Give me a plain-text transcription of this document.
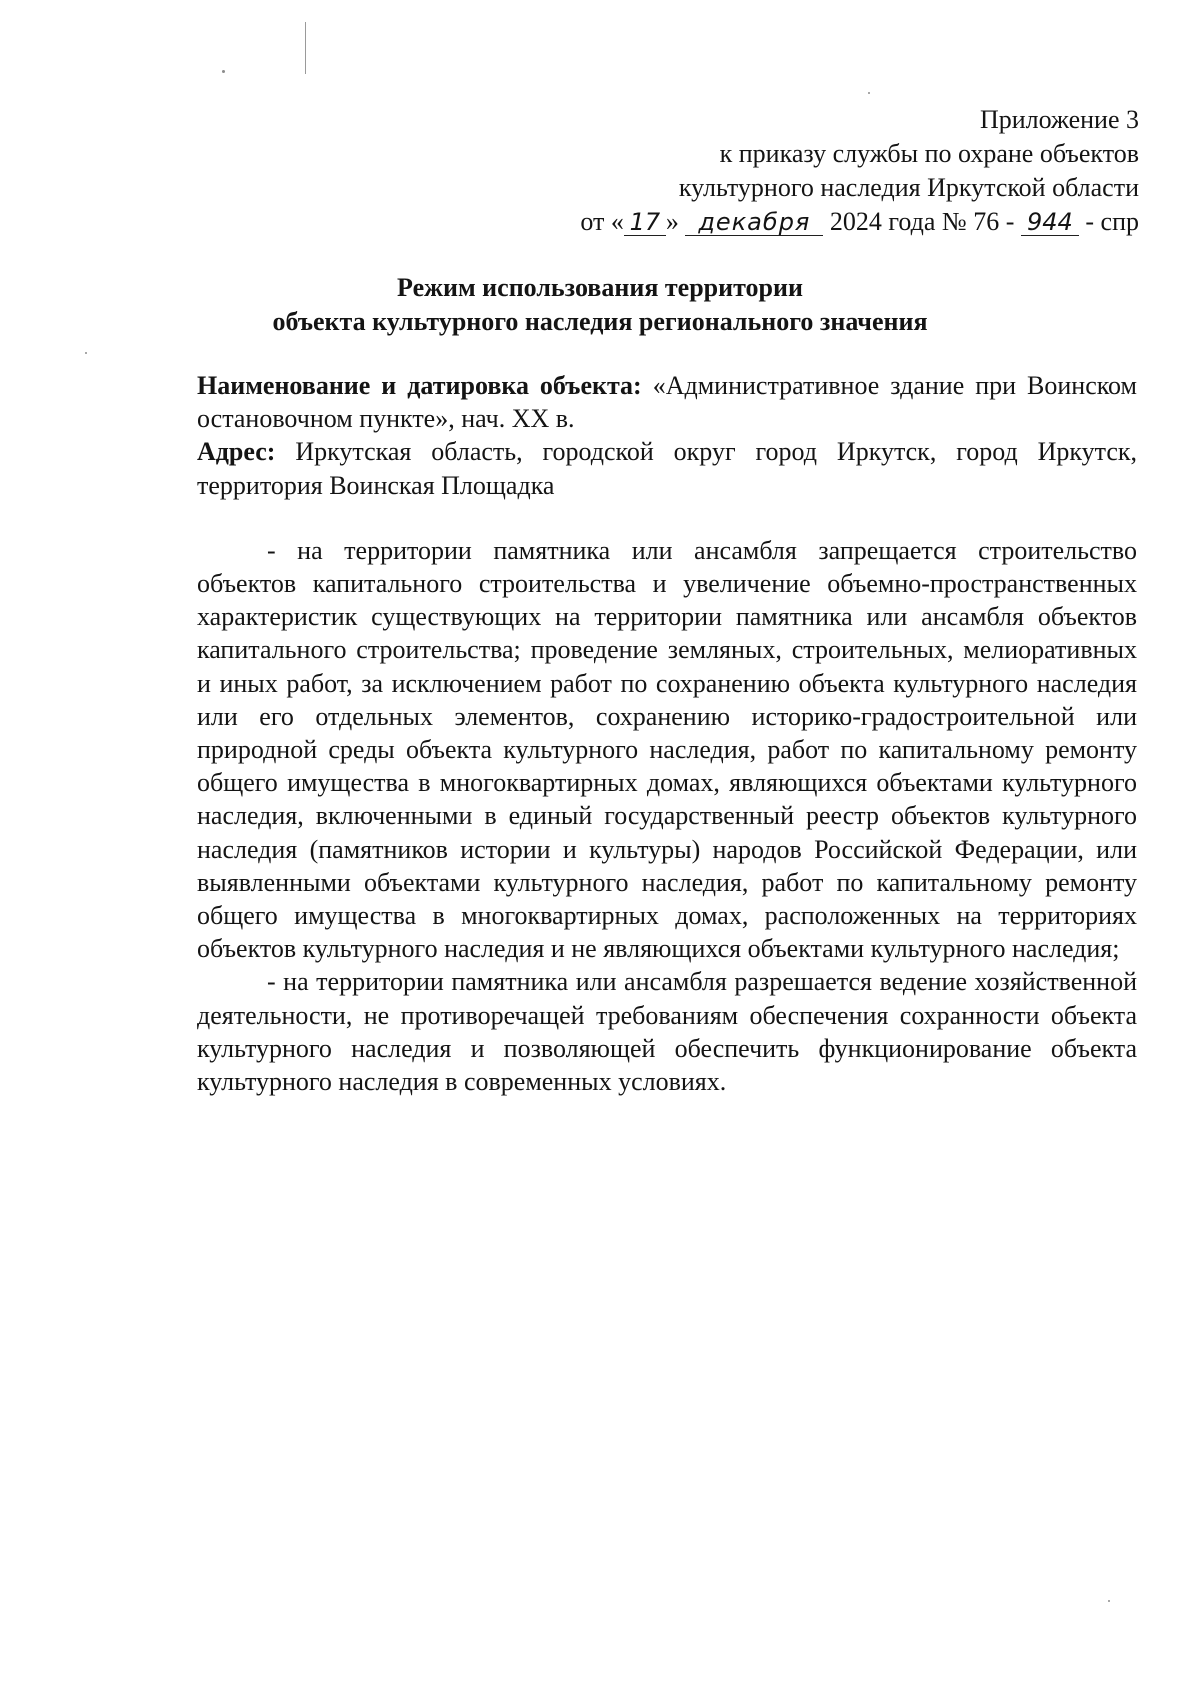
Приложение 3
к приказу службы по охране объектов
культурного наследия Иркутской области
от « 17 » декабря 2024 года № 76 - 944 - спр
Режим использования территории
объекта культурного наследия регионального значения

Наименование и датировка объекта: «Административное здание при Воинском остановочном пункте», нач. XX в.

Адрес: Иркутская область, городской округ город Иркутск, город Иркутск, территория Воинская Площадка

- на территории памятника или ансамбля запрещается строительство объектов капитального строительства и увеличение объемно-пространственных характеристик существующих на территории памятника или ансамбля объектов капитального строительства; проведение земляных, строительных, мелиоративных и иных работ, за исключением работ по сохранению объекта культурного наследия или его отдельных элементов, сохранению историко-градостроительной или природной среды объекта культурного наследия, работ по капитальному ремонту общего имущества в многоквартирных домах, являющихся объектами культурного наследия, включенными в единый государственный реестр объектов культурного наследия (памятников истории и культуры) народов Российской Федерации, или выявленными объектами культурного наследия, работ по капитальному ремонту общего имущества в многоквартирных домах, расположенных на территориях объектов культурного наследия и не являющихся объектами культурного наследия;

- на территории памятника или ансамбля разрешается ведение хозяйственной деятельности, не противоречащей требованиям обеспечения сохранности объекта культурного наследия и позволяющей обеспечить функционирование объекта культурного наследия в современных условиях.
